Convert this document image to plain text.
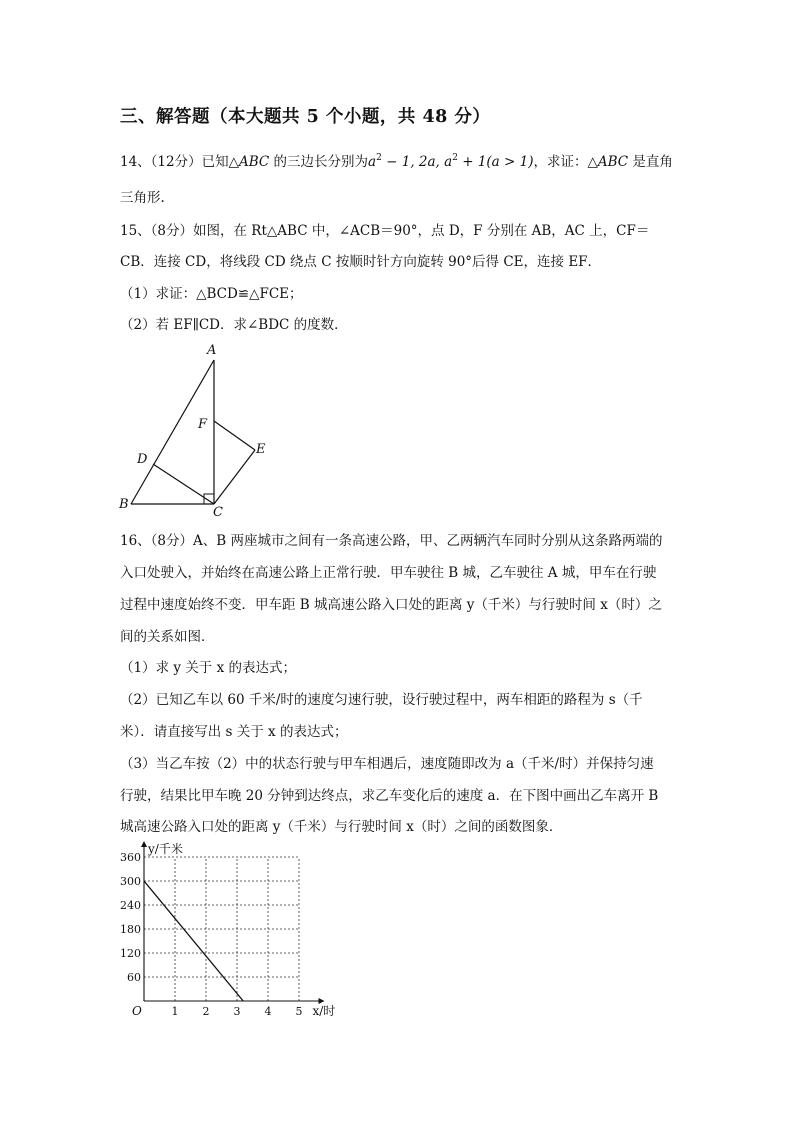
三、解答题（本大题共 5 个小题，共 48 分）
14、（12分）已知△ABC 的三边长分别为$a^2 - 1$, 2a, $a^2 + 1(a > 1)$，求证：△ABC 是直角
三角形.
15、（8分）如图，在 Rt△ABC 中，∠ACB＝90°，点 D，F 分别在 AB，AC 上，CF＝
CB．连接 CD，将线段 CD 绕点 C 按顺时针方向旋转 90°后得 CE，连接 EF．
（1）求证：△BCD≌△FCE；
（2）若 EF∥CD．求∠BDC 的度数．
A
B
C
D
E
F
16、（8分）A、B 两座城市之间有一条高速公路，甲、乙两辆汽车同时分别从这条路两端的
入口处驶入，并始终在高速公路上正常行驶．甲车驶往 B 城，乙车驶往 A 城，甲车在行驶
过程中速度始终不变．甲车距 B 城高速公路入口处的距离 y（千米）与行驶时间 x（时）之
间的关系如图．
（1）求 y 关于 x 的表达式；
（2）已知乙车以 60 千米/时的速度匀速行驶，设行驶过程中，两车相距的路程为 s（千
米）．请直接写出 s 关于 x 的表达式；
（3）当乙车按（2）中的状态行驶与甲车相遇后，速度随即改为 a（千米/时）并保持匀速
行驶，结果比甲车晚 20 分钟到达终点，求乙车变化后的速度 a．在下图中画出乙车离开 B
城高速公路入口处的距离 y（千米）与行驶时间 x（时）之间的函数图象．
1 2 3 4 5
60
120
180
240
300
360
O
y/千米
x/时
